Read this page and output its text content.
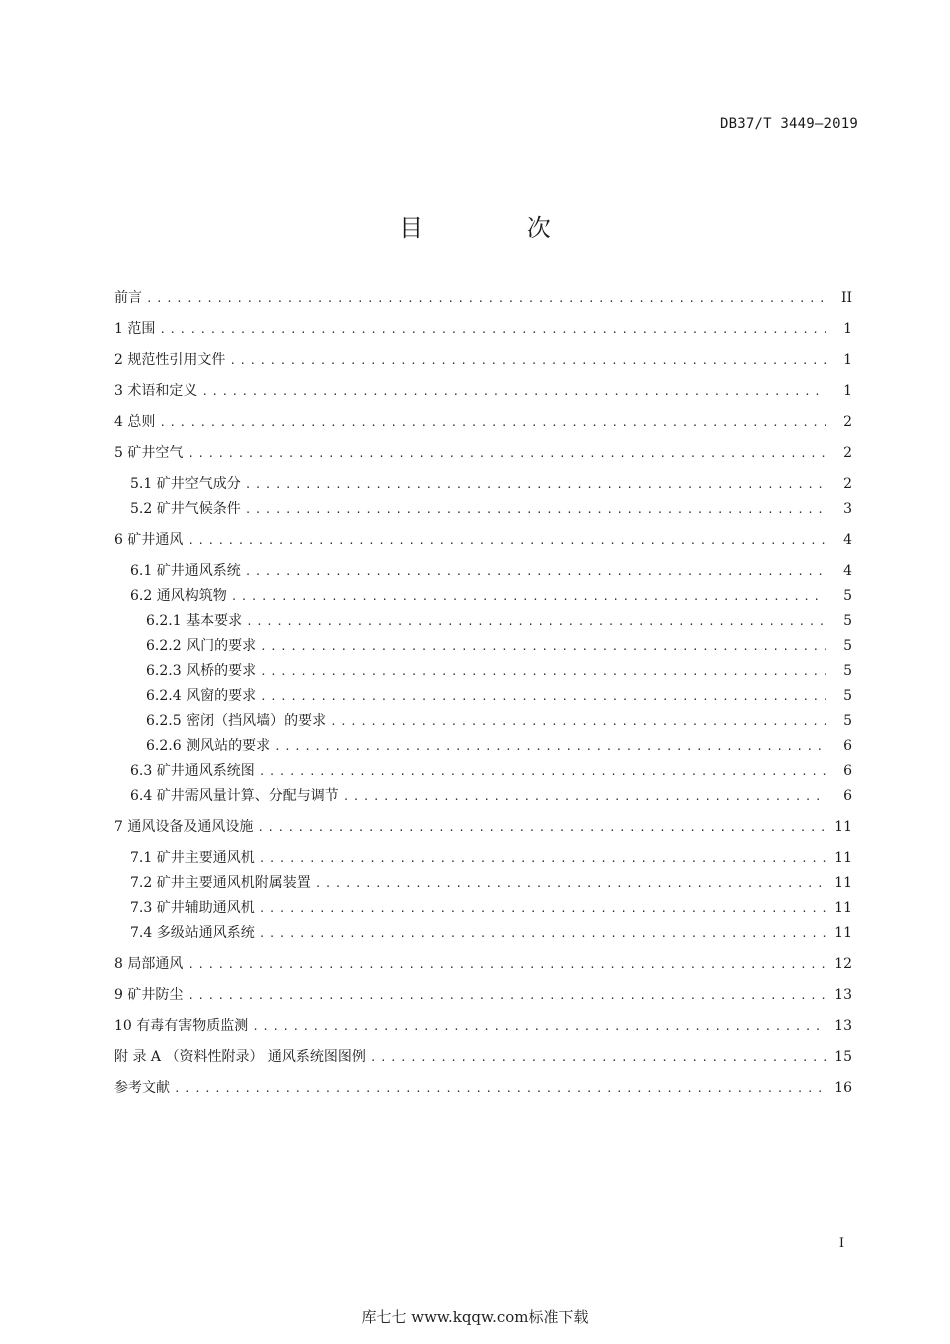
DB37/T 3449—2019
目 次
前言 . . .	II
1 范围 . . .	1
2 规范性引用文件 . . .	1
3 术语和定义 . . .	1
4 总则 . . .	2
5 矿井空气 . . .	2
5.1 矿井空气成分 . . .	2
5.2 矿井气候条件 . . .	3
6 矿井通风 . . .	4
6.1 矿井通风系统 . . .	4
6.2 通风构筑物 . . .	5
6.2.1 基本要求 . . .	5
6.2.2 风门的要求 . . .	5
6.2.3 风桥的要求 . . .	5
6.2.4 风窗的要求 . . .	5
6.2.5 密闭（挡风墙）的要求 . . .	5
6.2.6 测风站的要求 . . .	6
6.3 矿井通风系统图 . . .	6
6.4 矿井需风量计算、分配与调节 . . .	6
7 通风设备及通风设施 . . .	11
7.1 矿井主要通风机 . . .	11
7.2 矿井主要通风机附属装置 . . .	11
7.3 矿井辅助通风机 . . .	11
7.4 多级站通风系统 . . .	11
8 局部通风 . . .	12
9 矿井防尘 . . .	13
10 有毒有害物质监测 . . .	13
附 录 A （资料性附录） 通风系统图图例 . . .	15
参考文献 . . .	16
I
库七七 www.kqqw.com标准下载
